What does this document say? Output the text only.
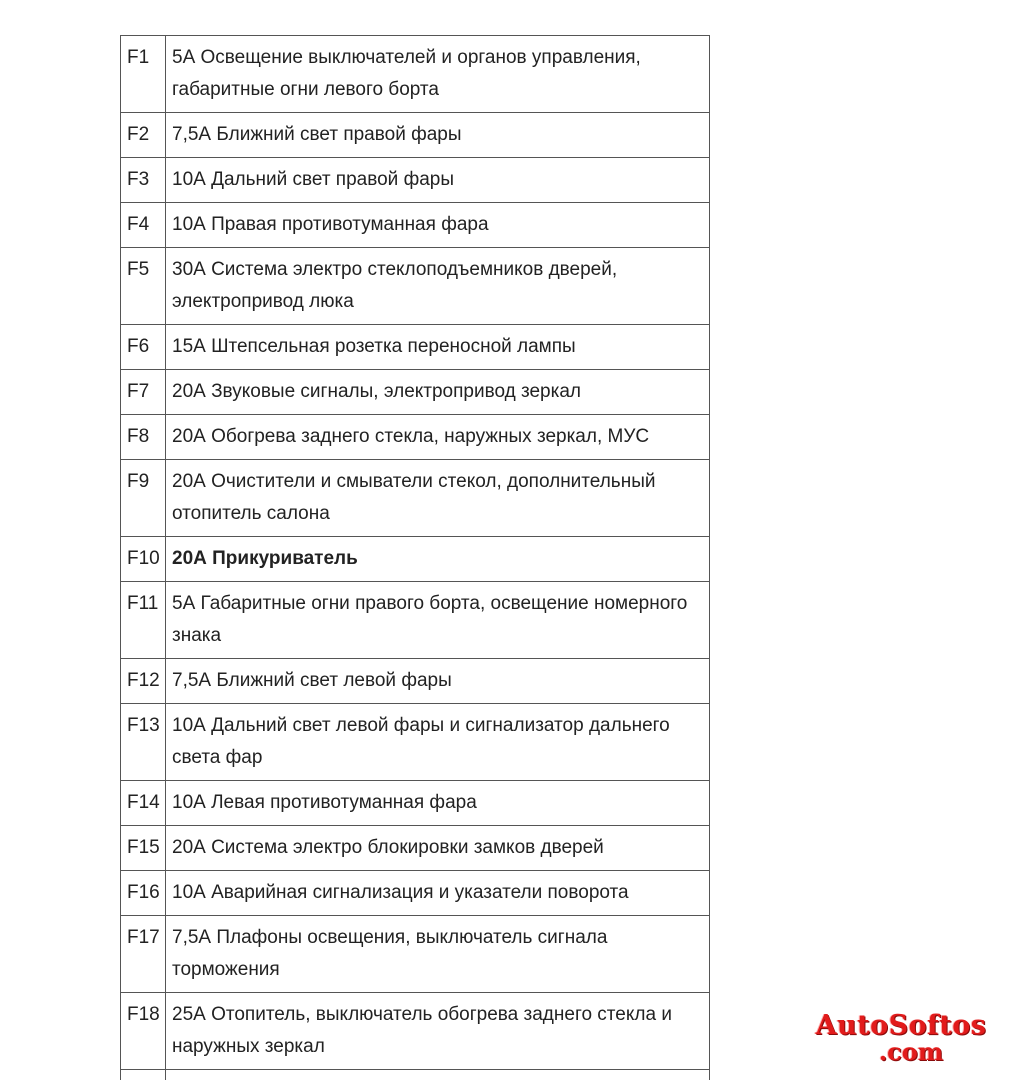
F1	5А Освещение выключателей и органов управления, габаритные огни левого борта
F2	7,5А Ближний свет правой фары
F3	10А Дальний свет правой фары
F4	10А Правая противотуманная фара
F5	30А Система электро стеклоподъемников дверей, электропривод люка
F6	15А Штепсельная розетка переносной лампы
F7	20А Звуковые сигналы, электропривод зеркал
F8	20А Обогрева заднего стекла, наружных зеркал, МУС
F9	20А Очистители и смыватели стекол, дополнительный отопитель салона
F10	20А Прикуриватель
F11	5А Габаритные огни правого борта, освещение номерного знака
F12	7,5А Ближний свет левой фары
F13	10А Дальний свет левой фары и сигнализатор дальнего света фар
F14	10А Левая противотуманная фара
F15	20А Система электро блокировки замков дверей
F16	10А Аварийная сигнализация и указатели поворота
F17	7,5А Плафоны освещения, выключатель сигнала торможения
F18	25А Отопитель, выключатель обогрева заднего стекла и наружных зеркал

AutoSoftos
.com
